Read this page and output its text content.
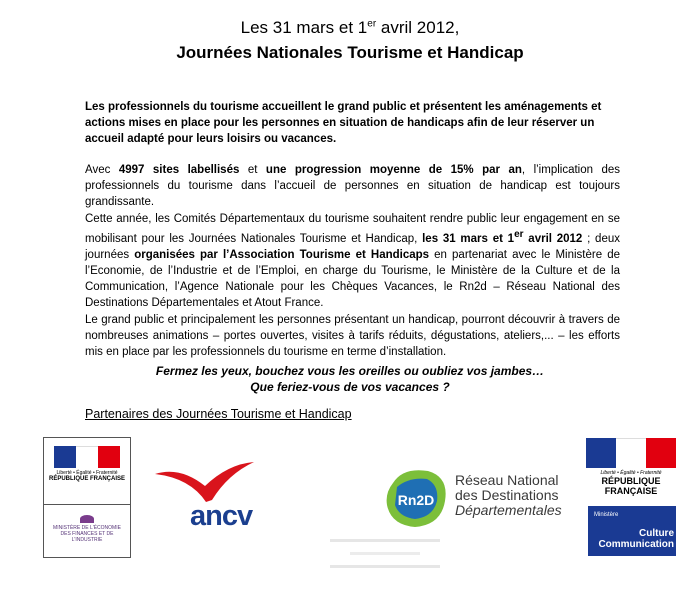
Les 31 mars et 1er avril 2012,
Journées Nationales Tourisme et Handicap

Les professionnels du tourisme accueillent le grand public et présentent les aménagements et actions mises en place pour les personnes en situation de handicaps afin de leur réserver un accueil adapté pour leurs loisirs ou vacances.

Avec 4997 sites labellisés et une progression moyenne de 15% par an, l’implication des professionnels du tourisme dans l’accueil de personnes en situation de handicap est toujours grandissante.

Cette année, les Comités Départementaux du tourisme souhaitent rendre public leur engagement en se mobilisant pour les Journées Nationales Tourisme et Handicap, les 31 mars et 1er avril 2012 ; deux journées organisées par l’Association Tourisme et Handicaps en partenariat avec le Ministère de l’Economie, de l’Industrie et de l’Emploi, en charge du Tourisme, le Ministère de la Culture et de la Communication, l’Agence Nationale pour les Chèques Vacances, le Rn2d – Réseau National des Destinations Départementales et Atout France.

Le grand public et principalement les personnes présentant un handicap, pourront découvrir à travers de nombreuses animations – portes ouvertes, visites à tarifs réduits, dégustations, ateliers,... – les efforts mis en place par les professionnels du tourisme en terme d’installation.

Fermez les yeux, bouchez vous les oreilles ou oubliez vos jambes…
Que feriez-vous de vos vacances ?
Partenaires des Journées Tourisme et Handicap
Liberté • Égalité • Fraternité
RÉPUBLIQUE FRANÇAISE
MINISTÈRE DE L'ÉCONOMIE DES FINANCES ET DE L'INDUSTRIE
ancv	Rn2D
Réseau National
des Destinations
Départementales
Liberté • Égalité • Fraternité
RÉPUBLIQUE FRANÇAISE
Ministère
Culture
Communication
